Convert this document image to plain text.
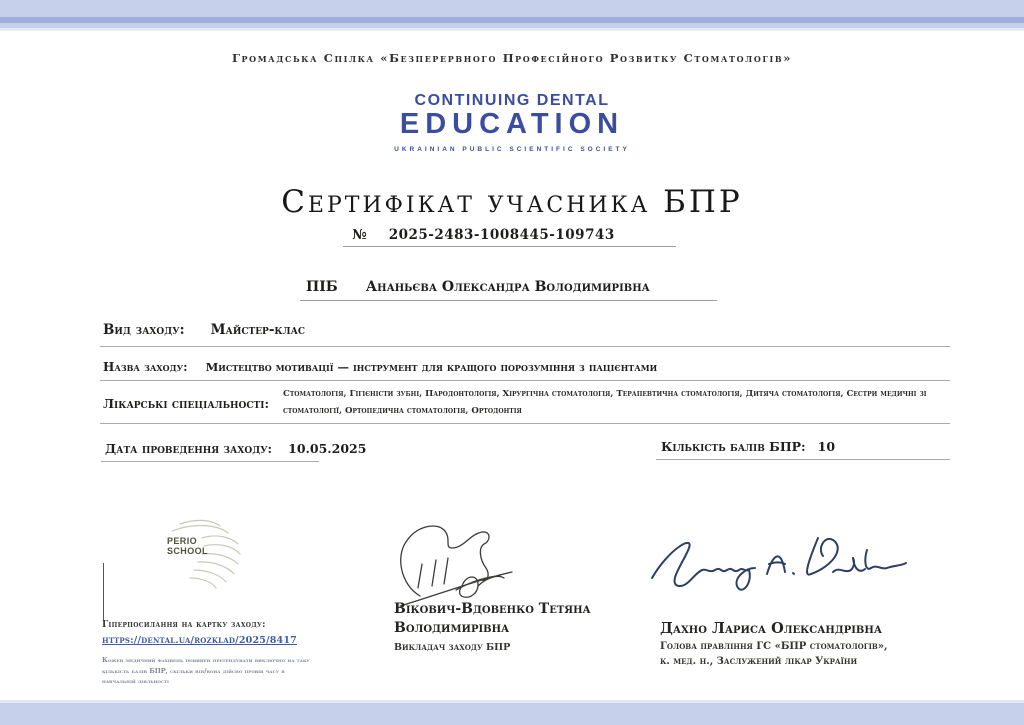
Громадська Спілка «Безперервного Професійного Розвитку Стоматологів»
CONTINUING DENTAL
EDUCATION
UKRAINIAN PUBLIC SCIENTIFIC SOCIETY
Сертифікат учасника БПР
№ 2025-2483-1008445-109743
ПІБ Ананьєва Олександра Володимирівна
Вид заходу: Майстер-клас
Назва заходу: Мистецтво мотивації — інструмент для кращого порозуміння з пацієнтами
Лікарські спеціальності:
Стоматологія, Гігієністи зубні, Пародонтологія, Хірургічна стоматологія, Терапевтична стоматологія, Дитяча стоматологія, Сестри медичні зі стоматології, Ортопедична стоматологія, Ортодонтія
Дата проведення заходу: 10.05.2025	Кількість балів БПР: 10
PERIO
SCHOOL
Гіперпосилання на картку заходу:
https://dental.ua/rozklad/2025/8417
Кожен медичний фахівець повинен претендувати виключно на таку кількість балів БПР, скільки він/вона дійсно провів часу в навчальній діяльності
Вікович-Вдовенко Тетяна Володимирівна
Викладач заходу БПР
Дахно Лариса Олександрівна
Голова правління ГС «БПР стоматологів»,
к. мед. н., Заслужений лікар України
